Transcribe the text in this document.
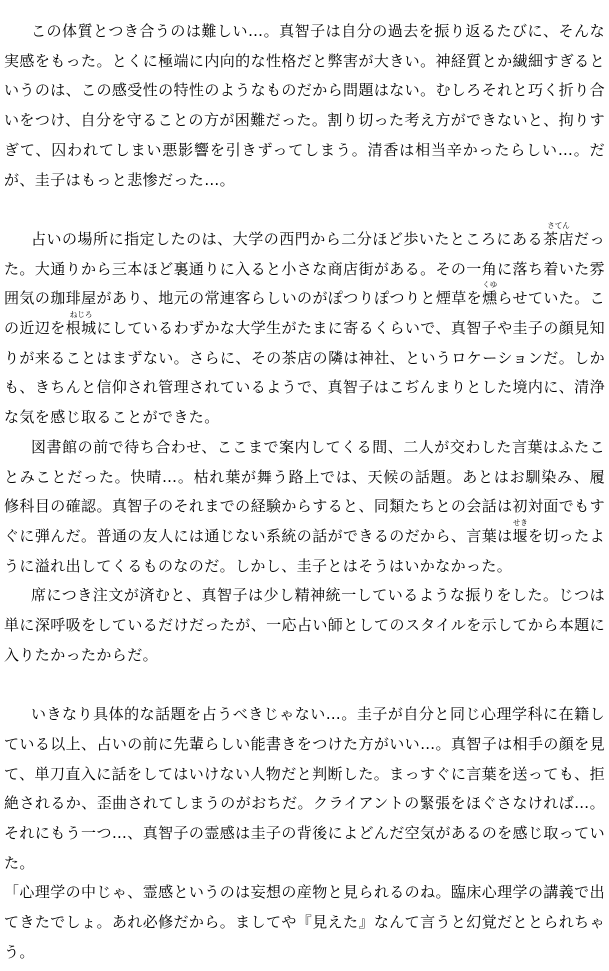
この体質とつき合うのは難しい…。真智子は自分の過去を振り返るたびに、そんな実感をもった。とくに極端に内向的な性格だと弊害が大きい。神経質とか繊細すぎるというのは、この感受性の特性のようなものだから問題はない。むしろそれと巧く折り合いをつけ、自分を守ることの方が困難だった。割り切った考え方ができないと、拘りすぎて、囚われてしまい悪影響を引きずってしまう。清香は相当辛かったらしい…。だが、圭子はもっと悲惨だった…。

占いの場所に指定したのは、大学の西門から二分ほど歩いたところにある
さてん
茶店だった。大通りから三本ほど裏通りに入ると小さな商店街がある。その一角に落ち着いた雰囲気の珈琲屋があり、地元の常連客らしいのがぽつりぽつりと煙草を
くゆ
燻らせていた。この近辺を
ねじろ
根城にしているわずかな大学生がたまに寄るくらいで、真智子や圭子の顔見知りが来ることはまずない。さらに、その茶店の隣は神社、というロケーションだ。しかも、きちんと信仰され管理されているようで、真智子はこぢんまりとした境内に、清浄な気を感じ取ることができた。

図書館の前で待ち合わせ、ここまで案内してくる間、二人が交わした言葉はふたことみことだった。快晴…。枯れ葉が舞う路上では、天候の話題。あとはお馴染み、履修科目の確認。真智子のそれまでの経験からすると、同類たちとの会話は初対面でもすぐに弾んだ。普通の友人には通じない系統の話ができるのだから、言葉は
せき
堰を切ったように溢れ出してくるものなのだ。しかし、圭子とはそうはいかなかった。

席につき注文が済むと、真智子は少し精神統一しているような振りをした。じつは単に深呼吸をしているだけだったが、一応占い師としてのスタイルを示してから本題に入りたかったからだ。

いきなり具体的な話題を占うべきじゃない…。圭子が自分と同じ心理学科に在籍している以上、占いの前に先輩らしい能書きをつけた方がいい…。真智子は相手の顔を見て、単刀直入に話をしてはいけない人物だと判断した。まっすぐに言葉を送っても、拒絶されるか、歪曲されてしまうのがおちだ。クライアントの緊張をほぐさなければ…。それにもう一つ…、真智子の霊感は圭子の背後によどんだ空気があるのを感じ取っていた。

「心理学の中じゃ、霊感というのは妄想の産物と見られるのね。臨床心理学の講義で出てきたでしょ。あれ必修だから。ましてや『見えた』なんて言うと幻覚だととられちゃう。
